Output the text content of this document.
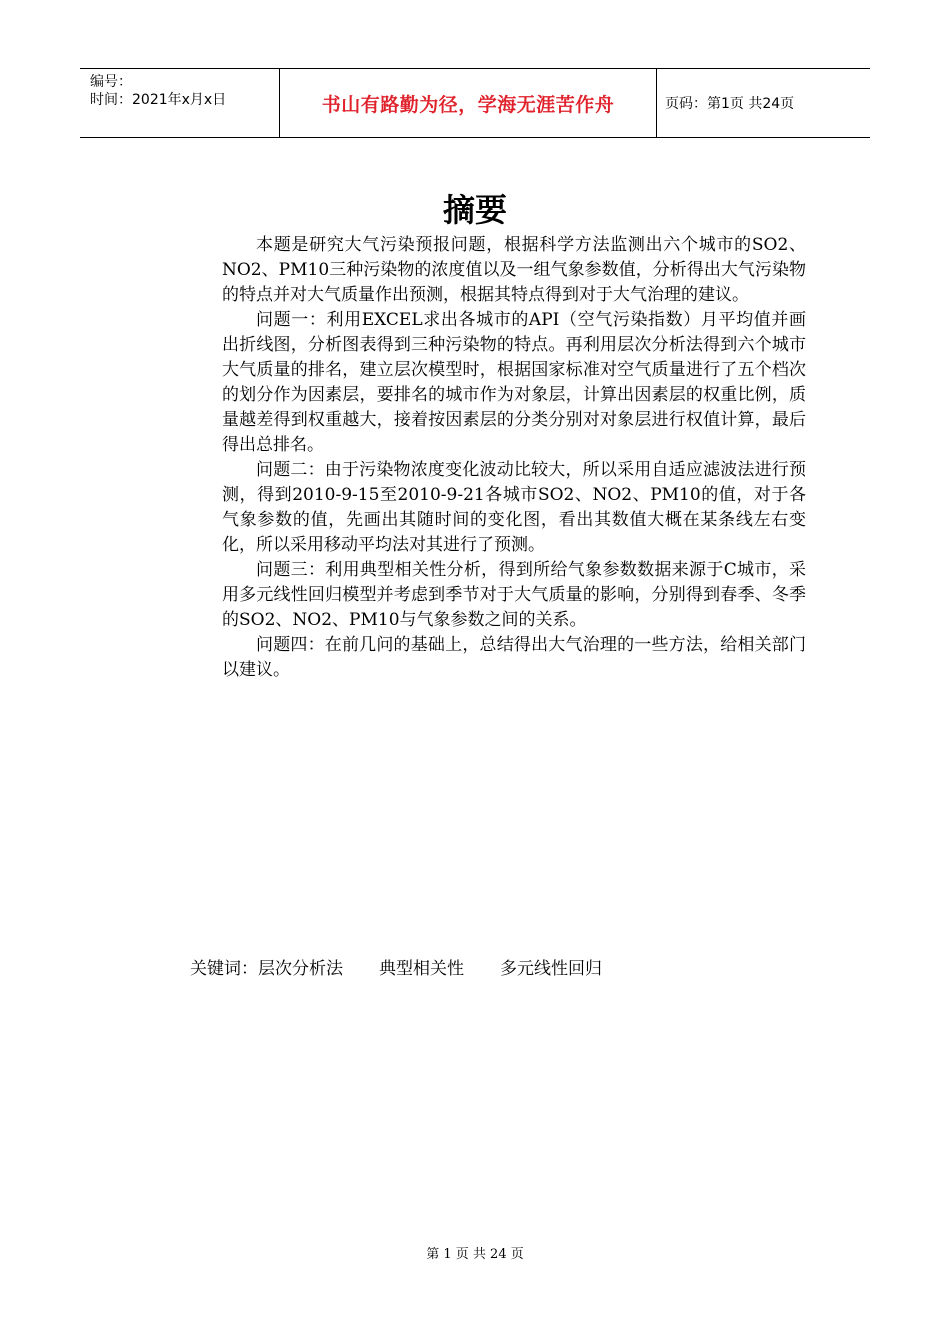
编号：
时间：2021年x月x日	书山有路勤为径，学海无涯苦作舟	页码：第1页 共24页
摘要

本题是研究大气污染预报问题，根据科学方法监测出六个城市的SO2、NO2、PM10三种污染物的浓度值以及一组气象参数值，分析得出大气污染物的特点并对大气质量作出预测，根据其特点得到对于大气治理的建议。

问题一：利用EXCEL求出各城市的API（空气污染指数）月平均值并画出折线图，分析图表得到三种污染物的特点。再利用层次分析法得到六个城市大气质量的排名，建立层次模型时，根据国家标准对空气质量进行了五个档次的划分作为因素层，要排名的城市作为对象层，计算出因素层的权重比例，质量越差得到权重越大，接着按因素层的分类分别对对象层进行权值计算，最后得出总排名。

问题二：由于污染物浓度变化波动比较大，所以采用自适应滤波法进行预测，得到2010-9-15至2010-9-21各城市SO2、NO2、PM10的值，对于各气象参数的值，先画出其随时间的变化图，看出其数值大概在某条线左右变化，所以采用移动平均法对其进行了预测。

问题三：利用典型相关性分析，得到所给气象参数数据来源于C城市，采用多元线性回归模型并考虑到季节对于大气质量的影响，分别得到春季、冬季的SO2、NO2、PM10与气象参数之间的关系。

问题四：在前几问的基础上，总结得出大气治理的一些方法，给相关部门以建议。

关键词：层次分析法 典型相关性 多元线性回归
第 1 页 共 24 页
